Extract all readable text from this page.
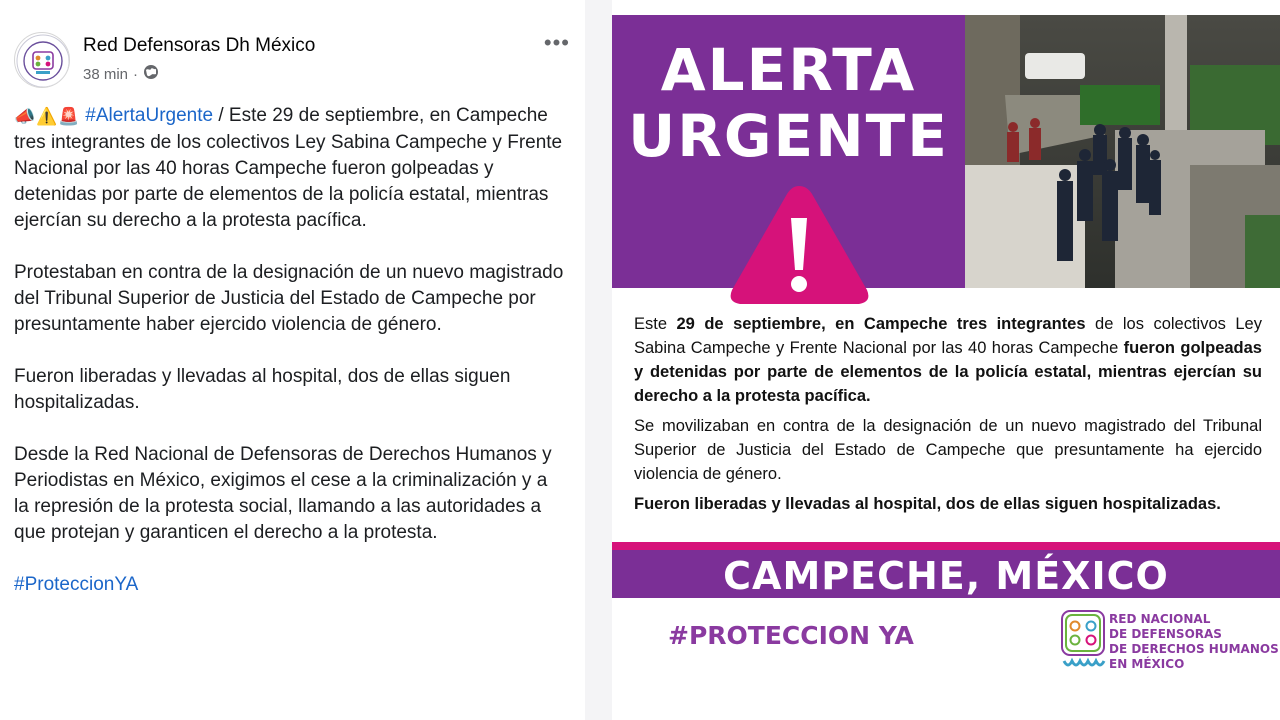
Red Defensoras Dh México
38 min ·
•••

📣⚠️🚨 #AlertaUrgente / Este 29 de septiembre, en Campeche tres integrantes de los colectivos Ley Sabina Campeche y Frente Nacional por las 40 horas Campeche fueron golpeadas y detenidas por parte de elementos de la policía estatal, mientras ejercían su derecho a la protesta pacífica.

Protestaban en contra de la designación de un nuevo magistrado del Tribunal Superior de Justicia del Estado de Campeche por presuntamente haber ejercido violencia de género.

Fueron liberadas y llevadas al hospital, dos de ellas siguen hospitalizadas.

Desde la Red Nacional de Defensoras de Derechos Humanos y Periodistas en México, exigimos el cese a la criminalización y a la represión de la protesta social, llamando a las autoridades a que protejan y garanticen el derecho a la protesta.

#ProteccionYA

ALERTA
URGENTE

Este 29 de septiembre, en Campeche tres integrantes de los colectivos Ley Sabina Campeche y Frente Nacional por las 40 horas Campeche fueron golpeadas y detenidas por parte de elementos de la policía estatal, mientras ejercían su derecho a la protesta pacífica.

Se movilizaban en contra de la designación de un nuevo magistrado del Tribunal Superior de Justicia del Estado de Campeche que presuntamente ha ejercido violencia de género.

Fueron liberadas y llevadas al hospital, dos de ellas siguen hospitalizadas.

CAMPECHE, MÉXICO
#PROTECCION YA
RED NACIONAL
DE DEFENSORAS
DE DERECHOS HUMANOS
EN MÉXICO
